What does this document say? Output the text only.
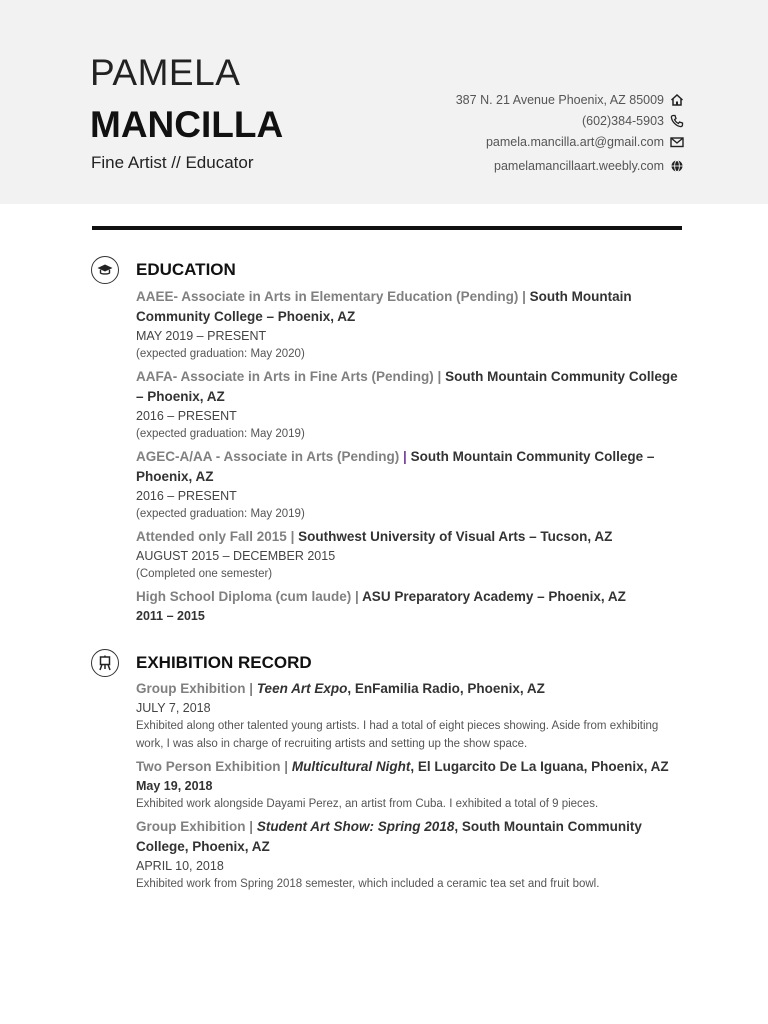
PAMELA
MANCILLA
Fine Artist // Educator
387 N. 21 Avenue Phoenix, AZ 85009
(602)384-5903
pamela.mancilla.art@gmail.com
pamelamancillaart.weebly.com
EDUCATION
AAEE- Associate in Arts in Elementary Education (Pending) | South Mountain Community College – Phoenix, AZ
MAY 2019 – PRESENT
(expected graduation: May 2020)
AAFA- Associate in Arts in Fine Arts (Pending) | South Mountain Community College – Phoenix, AZ
2016 – PRESENT
(expected graduation: May 2019)
AGEC-A/AA - Associate in Arts (Pending) | South Mountain Community College – Phoenix, AZ
2016 – PRESENT
(expected graduation: May 2019)
Attended only Fall 2015 | Southwest University of Visual Arts – Tucson, AZ
AUGUST 2015 – DECEMBER 2015
(Completed one semester)
High School Diploma (cum laude) | ASU Preparatory Academy – Phoenix, AZ
2011 – 2015
EXHIBITION RECORD
Group Exhibition | Teen Art Expo, EnFamilia Radio, Phoenix, AZ
JULY 7, 2018
Exhibited along other talented young artists. I had a total of eight pieces showing. Aside from exhibiting work, I was also in charge of recruiting artists and setting up the show space.
Two Person Exhibition | Multicultural Night, El Lugarcito De La Iguana, Phoenix, AZ
May 19, 2018
Exhibited work alongside Dayami Perez, an artist from Cuba. I exhibited a total of 9 pieces.
Group Exhibition | Student Art Show: Spring 2018, South Mountain Community College, Phoenix, AZ
APRIL 10, 2018
Exhibited work from Spring 2018 semester, which included a ceramic tea set and fruit bowl.
